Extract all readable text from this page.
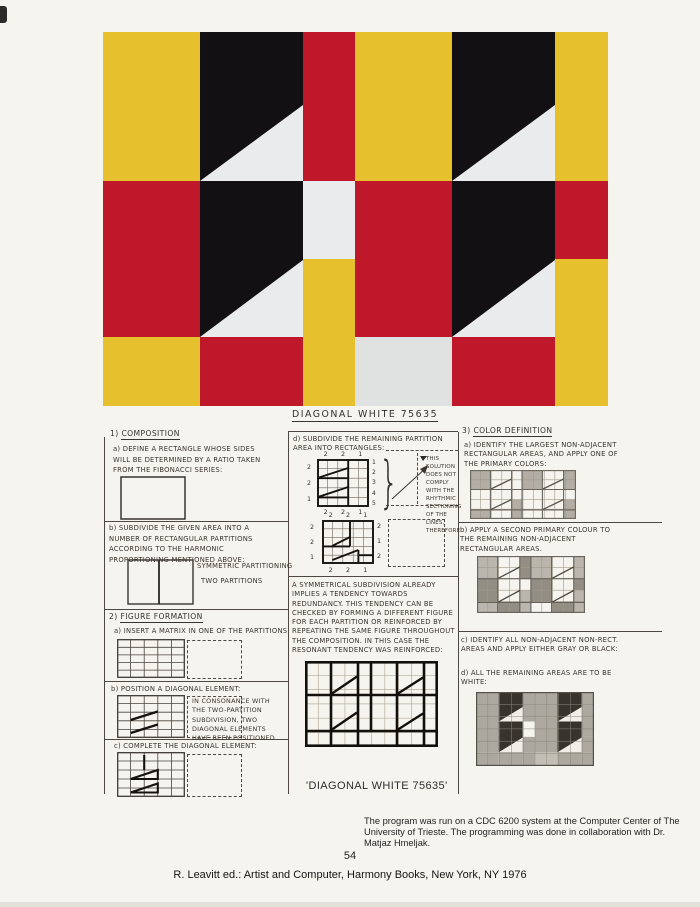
1) COMPOSITION
a) DEFINE A RECTANGLE WHOSE SIDES WILL BE DETERMINED BY A RATIO TAKEN FROM THE FIBONACCI SERIES:
b) SUBDIVIDE THE GIVEN AREA INTO A NUMBER OF RECTANGULAR PARTITIONS ACCORDING TO THE HARMONIC PROPORTIONING MENTIONED ABOVE:
SYMMETRIC PARTITIONING
TWO PARTITIONS
2) FIGURE FORMATION
a) INSERT A MATRIX IN ONE OF THE PARTITIONS
b) POSITION A DIAGONAL ELEMENT:
IN CONSONANCE WITH THE TWO-PARTITION SUBDIVISION, TWO DIAGONAL ELEMENTS HAVE BEEN POSITIONED.
c) COMPLETE THE DIAGONAL ELEMENT:
DIAGONAL WHITE 75635
d) SUBDIVIDE THE REMAINING PARTITION AREA INTO RECTANGLES:
2 2 1
2
2
1
1
2
3
4
5
2 2 1 }	THIS SOLUTION DOES NOT COMPLY WITH THE RHYTHMIC SECTIONING OF THE LINES, THEREFORE:
2 2 1
2
2
1
2
1
2
2 2 1
A SYMMETRICAL SUBDIVISION ALREADY IMPLIES A TENDENCY TOWARDS REDUNDANCY. THIS TENDENCY CAN BE CHECKED BY FORMING A DIFFERENT FIGURE FOR EACH PARTITION OR REINFORCED BY REPEATING THE SAME FIGURE THROUGHOUT THE COMPOSITION. IN THIS CASE THE RESONANT TENDENCY WAS REINFORCED:
'DIAGONAL WHITE 75635'
3) COLOR DEFINITION
a) IDENTIFY THE LARGEST NON-ADJACENT RECTANGULAR AREAS, AND APPLY ONE OF THE PRIMARY COLORS:
b) APPLY A SECOND PRIMARY COLOUR TO THE REMAINING NON-ADJACENT RECTANGULAR AREAS.
c) IDENTIFY ALL NON-ADJACENT NON-RECT. AREAS AND APPLY EITHER GRAY OR BLACK:
d) ALL THE REMAINING AREAS ARE TO BE WHITE:
The program was run on a CDC 6200 system at the Computer Center of The University of Trieste. The programming was done in collaboration with Dr. Matjaz Hmeljak.
54
R. Leavitt ed.: Artist and Computer, Harmony Books, New York, NY 1976
